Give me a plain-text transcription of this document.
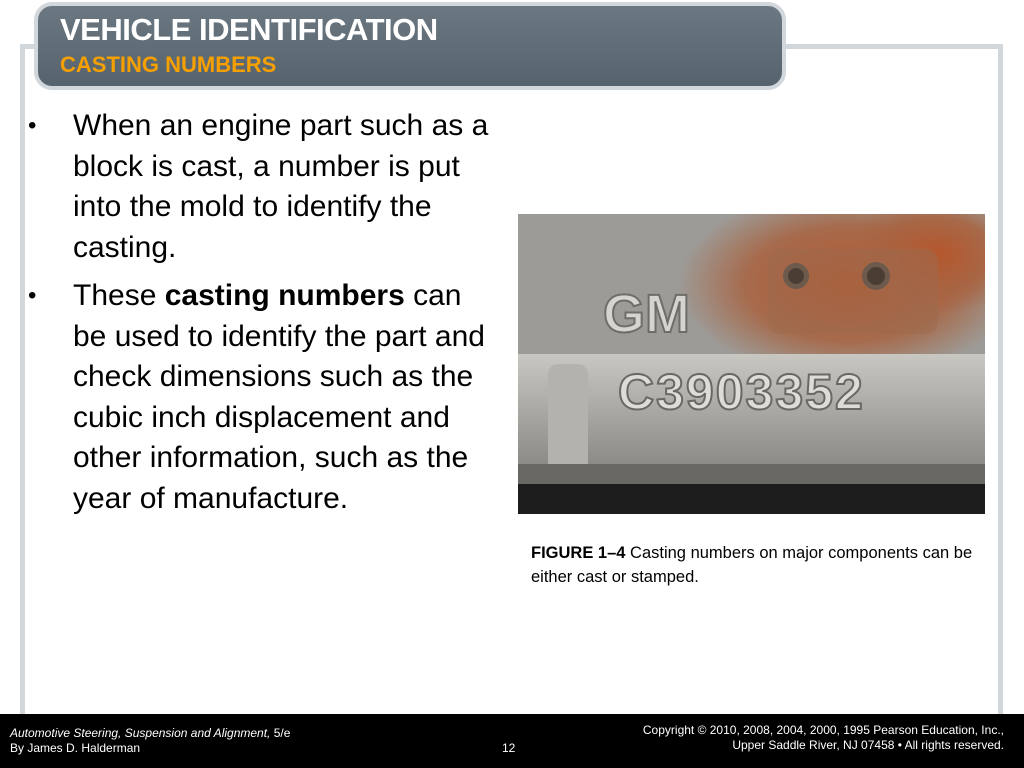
VEHICLE IDENTIFICATION
CASTING NUMBERS
• When an engine part such as a block is cast, a number is put into the mold to identify the casting.
• These casting numbers can be used to identify the part and check dimensions such as the cubic inch displacement and other information, such as the year of manufacture.
GM
C3903352
FIGURE 1–4 Casting numbers on major components can be either cast or stamped.
Automotive Steering, Suspension and Alignment, 5/e
By James D. Halderman	12
Copyright © 2010, 2008, 2004, 2000, 1995 Pearson Education, Inc.,
Upper Saddle River, NJ 07458 • All rights reserved.
